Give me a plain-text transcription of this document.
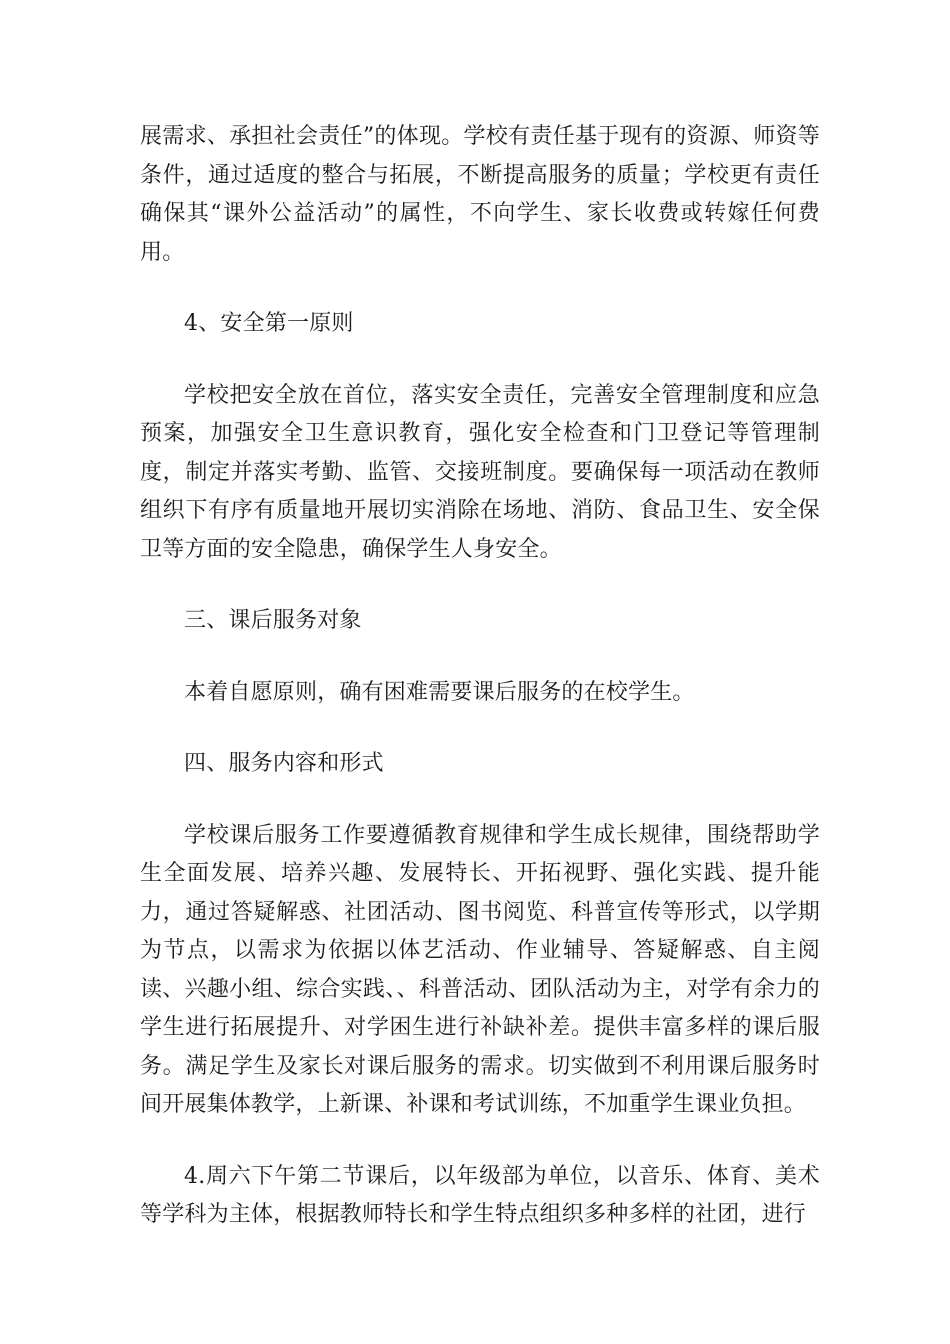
展需求、承担社会责任”的体现。学校有责任基于现有的资源、师资等条件，通过适度的整合与拓展，不断提高服务的质量；学校更有责任确保其“课外公益活动”的属性，不向学生、家长收费或转嫁任何费用。

4、安全第一原则

学校把安全放在首位，落实安全责任，完善安全管理制度和应急预案，加强安全卫生意识教育，强化安全检查和门卫登记等管理制度，制定并落实考勤、监管、交接班制度。要确保每一项活动在教师组织下有序有质量地开展切实消除在场地、消防、食品卫生、安全保卫等方面的安全隐患，确保学生人身安全。

三、课后服务对象

本着自愿原则，确有困难需要课后服务的在校学生。

四、服务内容和形式

学校课后服务工作要遵循教育规律和学生成长规律，围绕帮助学生全面发展、培养兴趣、发展特长、开拓视野、强化实践、提升能力，通过答疑解惑、社团活动、图书阅览、科普宣传等形式，以学期为节点，以需求为依据以体艺活动、作业辅导、答疑解惑、自主阅读、兴趣小组、综合实践、、科普活动、团队活动为主，对学有余力的学生进行拓展提升、对学困生进行补缺补差。提供丰富多样的课后服务。满足学生及家长对课后服务的需求。切实做到不利用课后服务时间开展集体教学，上新课、补课和考试训练，不加重学生课业负担。

4.周六下午第二节课后，以年级部为单位，以音乐、体育、美术等学科为主体，根据教师特长和学生特点组织多种多样的社团，进行
